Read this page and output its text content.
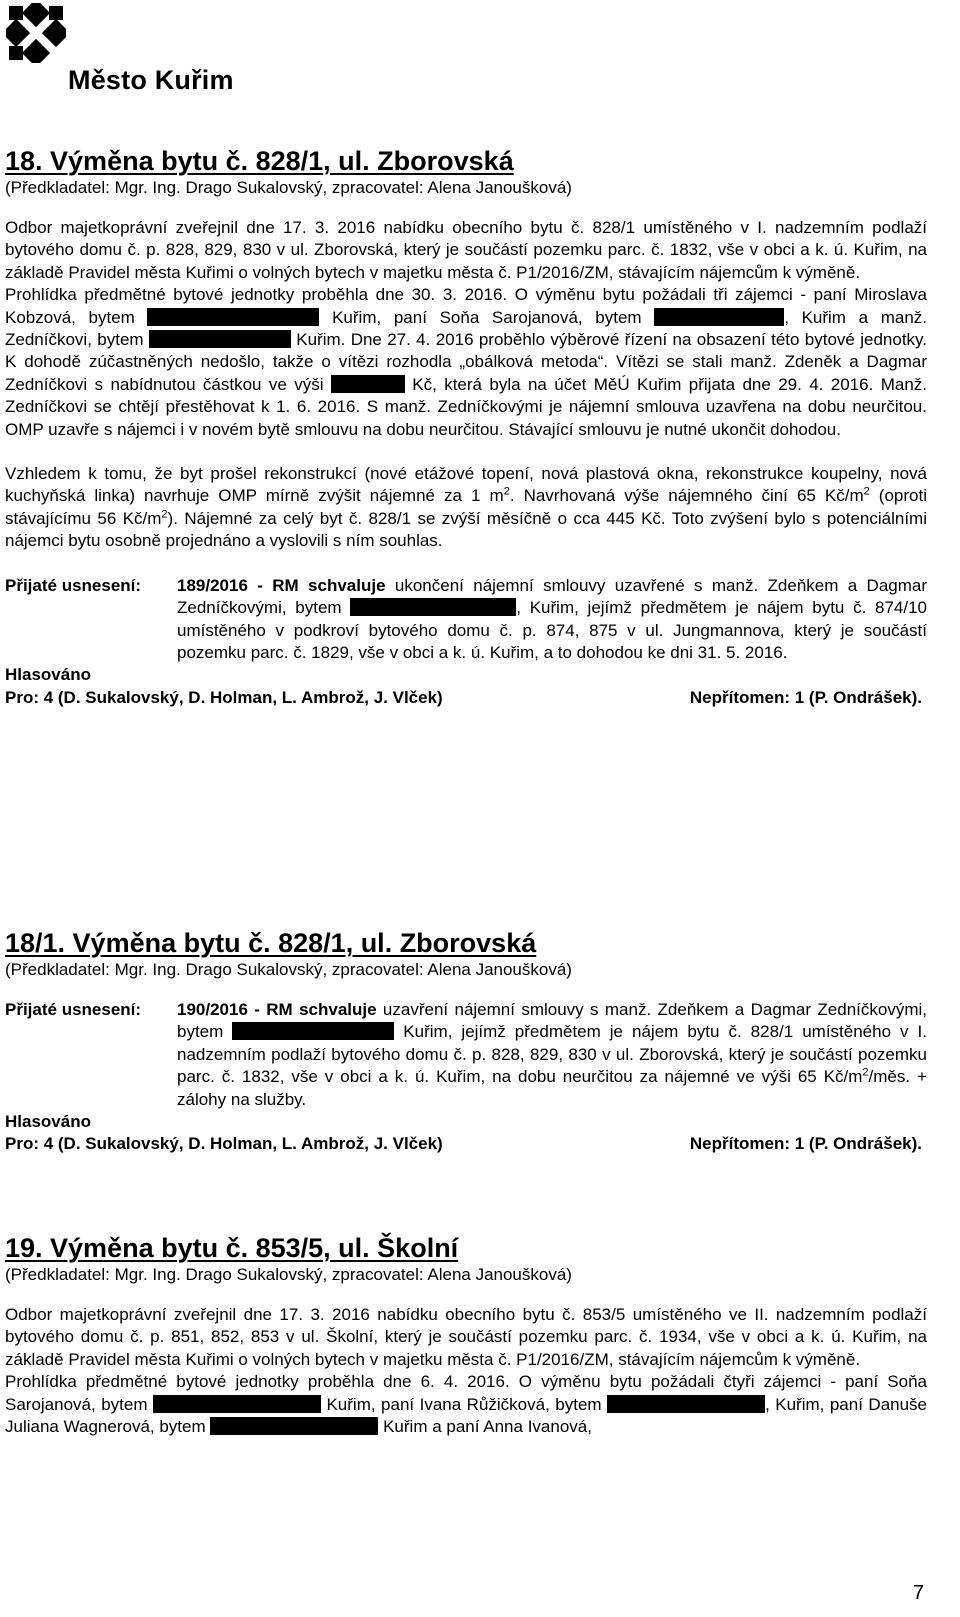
Město Kuřim
18. Výměna bytu č. 828/1, ul. Zborovská
(Předkladatel: Mgr. Ing. Drago Sukalovský, zpracovatel: Alena Janoušková)
Odbor majetkoprávní zveřejnil dne 17. 3. 2016 nabídku obecního bytu č. 828/1 umístěného v I. nadzemním podlaží bytového domu č. p. 828, 829, 830 v ul. Zborovská, který je součástí pozemku parc. č. 1832, vše v obci a k. ú. Kuřim, na základě Pravidel města Kuřimi o volných bytech v majetku města č. P1/2016/ZM, stávajícím nájemcům k výměně.
Prohlídka předmětné bytové jednotky proběhla dne 30. 3. 2016. O výměnu bytu požádali tři zájemci - paní Miroslava Kobzová, bytem	Kuřim, paní Soňa Sarojanová, bytem	, Kuřim a manž. Zedníčkovi, bytem	Kuřim. Dne 27. 4. 2016 proběhlo výběrové řízení na obsazení této bytové jednotky. K dohodě zúčastněných nedošlo, takže o vítězi rozhodla „obálková metoda“. Vítězi se stali manž. Zdeněk a Dagmar Zedníčkovi s nabídnutou částkou ve výši	Kč, která byla na účet MěÚ Kuřim přijata dne 29. 4. 2016. Manž. Zedníčkovi se chtějí přestěhovat k 1. 6. 2016. S manž. Zedníčkovými je nájemní smlouva uzavřena na dobu neurčitou. OMP uzavře s nájemci i v novém bytě smlouvu na dobu neurčitou. Stávající smlouvu je nutné ukončit dohodou.
Vzhledem k tomu, že byt prošel rekonstrukcí (nové etážové topení, nová plastová okna, rekonstrukce koupelny, nová kuchyňská linka) navrhuje OMP mírně zvýšit nájemné za 1 $m^2$. Navrhovaná výše nájemného činí 65 $Kč/m^2$ (oproti stávajícímu 56 $Kč/m^2$). Nájemné za celý byt č. 828/1 se zvýší měsíčně o cca 445 Kč. Toto zvýšení bylo s potenciálními nájemci bytu osobně projednáno a vyslovili s ním souhlas.
Přijaté usnesení:	189/2016 - RM schvaluje ukončení nájemní smlouvy uzavřené s manž. Zdeňkem a Dagmar Zedníčkovými, bytem	, Kuřim, jejímž předmětem je nájem bytu č. 874/10 umístěného v podkroví bytového domu č. p. 874, 875 v ul. Jungmannova, který je součástí pozemku parc. č. 1829, vše v obci a k. ú. Kuřim, a to dohodou ke dni 31. 5. 2016.
Hlasováno
Pro: 4 (D. Sukalovský, D. Holman, L. Ambrož, J. Vlček)	Nepřítomen: 1 (P. Ondrášek).
18/1. Výměna bytu č. 828/1, ul. Zborovská
(Předkladatel: Mgr. Ing. Drago Sukalovský, zpracovatel: Alena Janoušková)
Přijaté usnesení:	190/2016 - RM schvaluje uzavření nájemní smlouvy s manž. Zdeňkem a Dagmar Zedníčkovými, bytem	Kuřim, jejímž předmětem je nájem bytu č. 828/1 umístěného v I. nadzemním podlaží bytového domu č. p. 828, 829, 830 v ul. Zborovská, který je součástí pozemku parc. č. 1832, vše v obci a k. ú. Kuřim, na dobu neurčitou za nájemné ve výši 65 $Kč/m^2$/měs. + zálohy na služby.
Hlasováno
Pro: 4 (D. Sukalovský, D. Holman, L. Ambrož, J. Vlček)	Nepřítomen: 1 (P. Ondrášek).
19. Výměna bytu č. 853/5, ul. Školní
(Předkladatel: Mgr. Ing. Drago Sukalovský, zpracovatel: Alena Janoušková)
Odbor majetkoprávní zveřejnil dne 17. 3. 2016 nabídku obecního bytu č. 853/5 umístěného ve II. nadzemním podlaží bytového domu č. p. 851, 852, 853 v ul. Školní, který je součástí pozemku parc. č. 1934, vše v obci a k. ú. Kuřim, na základě Pravidel města Kuřimi o volných bytech v majetku města č. P1/2016/ZM, stávajícím nájemcům k výměně.
Prohlídka předmětné bytové jednotky proběhla dne 6. 4. 2016. O výměnu bytu požádali čtyři zájemci - paní Soňa Sarojanová, bytem	Kuřim, paní Ivana Růžičková, bytem	, Kuřim, paní Danuše Juliana Wagnerová, bytem	Kuřim a paní Anna Ivanová,
7
